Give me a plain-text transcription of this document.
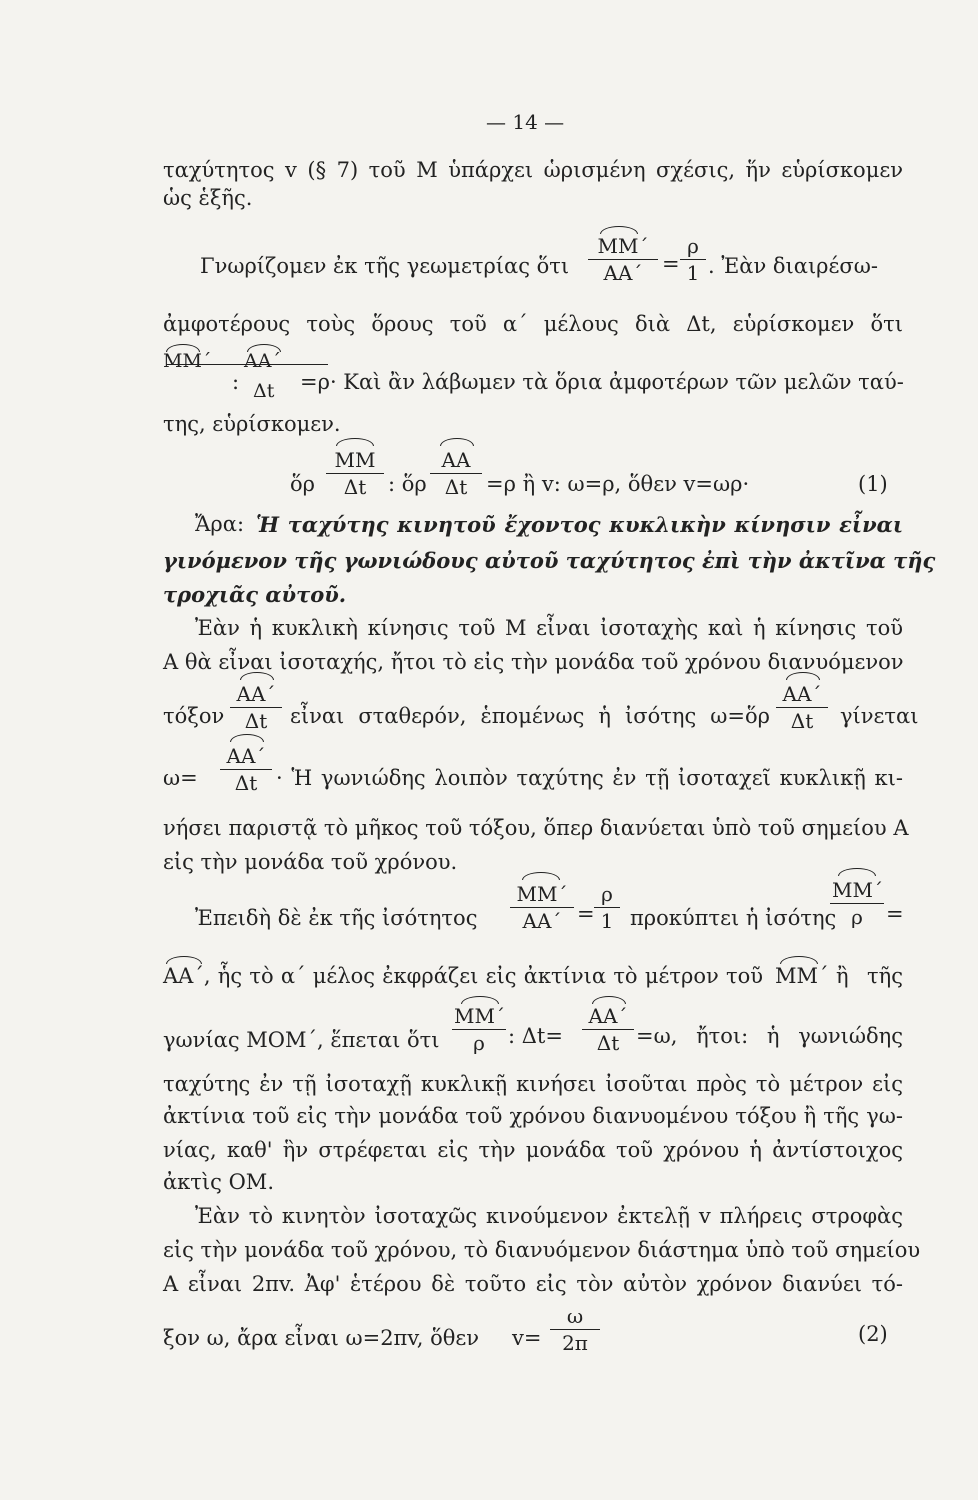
— 14 —
ταχύτητος v (§ 7) τοῦ Μ ὑπάρχει ὡρισμένη σχέσις, ἥν εὑρίσκομεν
ὡς ἑξῆς.
Γνωρίζομεν ἐκ τῆς γεωμετρίας ὅτι
ΜΜ΄
ΑΑ΄ =
ρ
1 . Ἐὰν διαιρέσω-
ἀμφοτέρους τοὺς ὅρους τοῦ α΄ μέλους διὰ Δt, εὑρίσκομεν ὅτι
ΜΜ΄ ΑΑ΄
: Δt =ρ· Καὶ ἂν λάβωμεν τὰ ὅρια ἀμφοτέρων τῶν μελῶν ταύ-
της, εὑρίσκομεν.
ὅρ
ΜΜ
Δt	: ὅρ
ΑΑ
Δt =ρ ἢ v: ω=ρ, ὅθεν v=ωρ·	(1)
Ἄρα: Ἡ ταχύτης κινητοῦ ἔχοντος κυκλικὴν κίνησιν εἶναι
γινόμενον τῆς γωνιώδους αὐτοῦ ταχύτητος ἐπὶ τὴν ἀκτῖνα τῆς
τροχιᾶς αὐτοῦ.
Ἐὰν ἡ κυκλικὴ κίνησις τοῦ Μ εἶναι ἰσοταχὴς καὶ ἡ κίνησις τοῦ
Α θὰ εἶναι ἰσοταχής, ἤτοι τὸ εἰς τὴν μονάδα τοῦ χρόνου διανυόμενον
τόξον
ΑΑ΄
Δt	εἶναι σταθερόν, ἑπομένως ἡ ἰσότης ω=ὅρ
ΑΑ΄
Δt	γίνεται
ω=
ΑΑ΄
Δt · Ἡ γωνιώδης λοιπὸν ταχύτης ἐν τῇ ἰσοταχεῖ κυκλικῇ κι-
νήσει παριστᾷ τὸ μῆκος τοῦ τόξου, ὅπερ διανύεται ὑπὸ τοῦ σημείου Α
εἰς τὴν μονάδα τοῦ χρόνου.
Ἐπειδὴ δὲ ἐκ τῆς ἰσότητος
ΜΜ΄
ΑΑ΄ =
ρ
1 προκύπτει ἡ ἰσότης
ΜΜ΄
ρ	=
ΑΑ΄, ἧς τὸ α΄ μέλος ἐκφράζει εἰς ἀκτίνια τὸ μέτρον τοῦ ΜΜ΄ ἢ τῆς
γωνίας ΜΟΜ΄, ἕπεται ὅτι
ΜΜ΄
ρ	: Δt=
ΑΑ΄
Δt =ω, ἤτοι: ἡ γωνιώδης
ταχύτης ἐν τῇ ἰσοταχῇ κυκλικῇ κινήσει ἰσοῦται πρὸς τὸ μέτρον εἰς
ἀκτίνια τοῦ εἰς τὴν μονάδα τοῦ χρόνου διανυομένου τόξου ἢ τῆς γω-
νίας, καθ' ἣν στρέφεται εἰς τὴν μονάδα τοῦ χρόνου ἡ ἀντίστοιχος
ἀκτὶς ΟΜ.
Ἐὰν τὸ κινητὸν ἰσοταχῶς κινούμενον ἐκτελῇ v πλήρεις στροφὰς
εἰς τὴν μονάδα τοῦ χρόνου, τὸ διανυόμενον διάστημα ὑπὸ τοῦ σημείου
Α εἶναι 2πv. Ἀφ' ἑτέρου δὲ τοῦτο εἰς τὸν αὐτὸν χρόνον διανύει τό-
ξον ω, ἄρα εἶναι ω=2πv, ὅθεν v=
ω
2π	(2)
